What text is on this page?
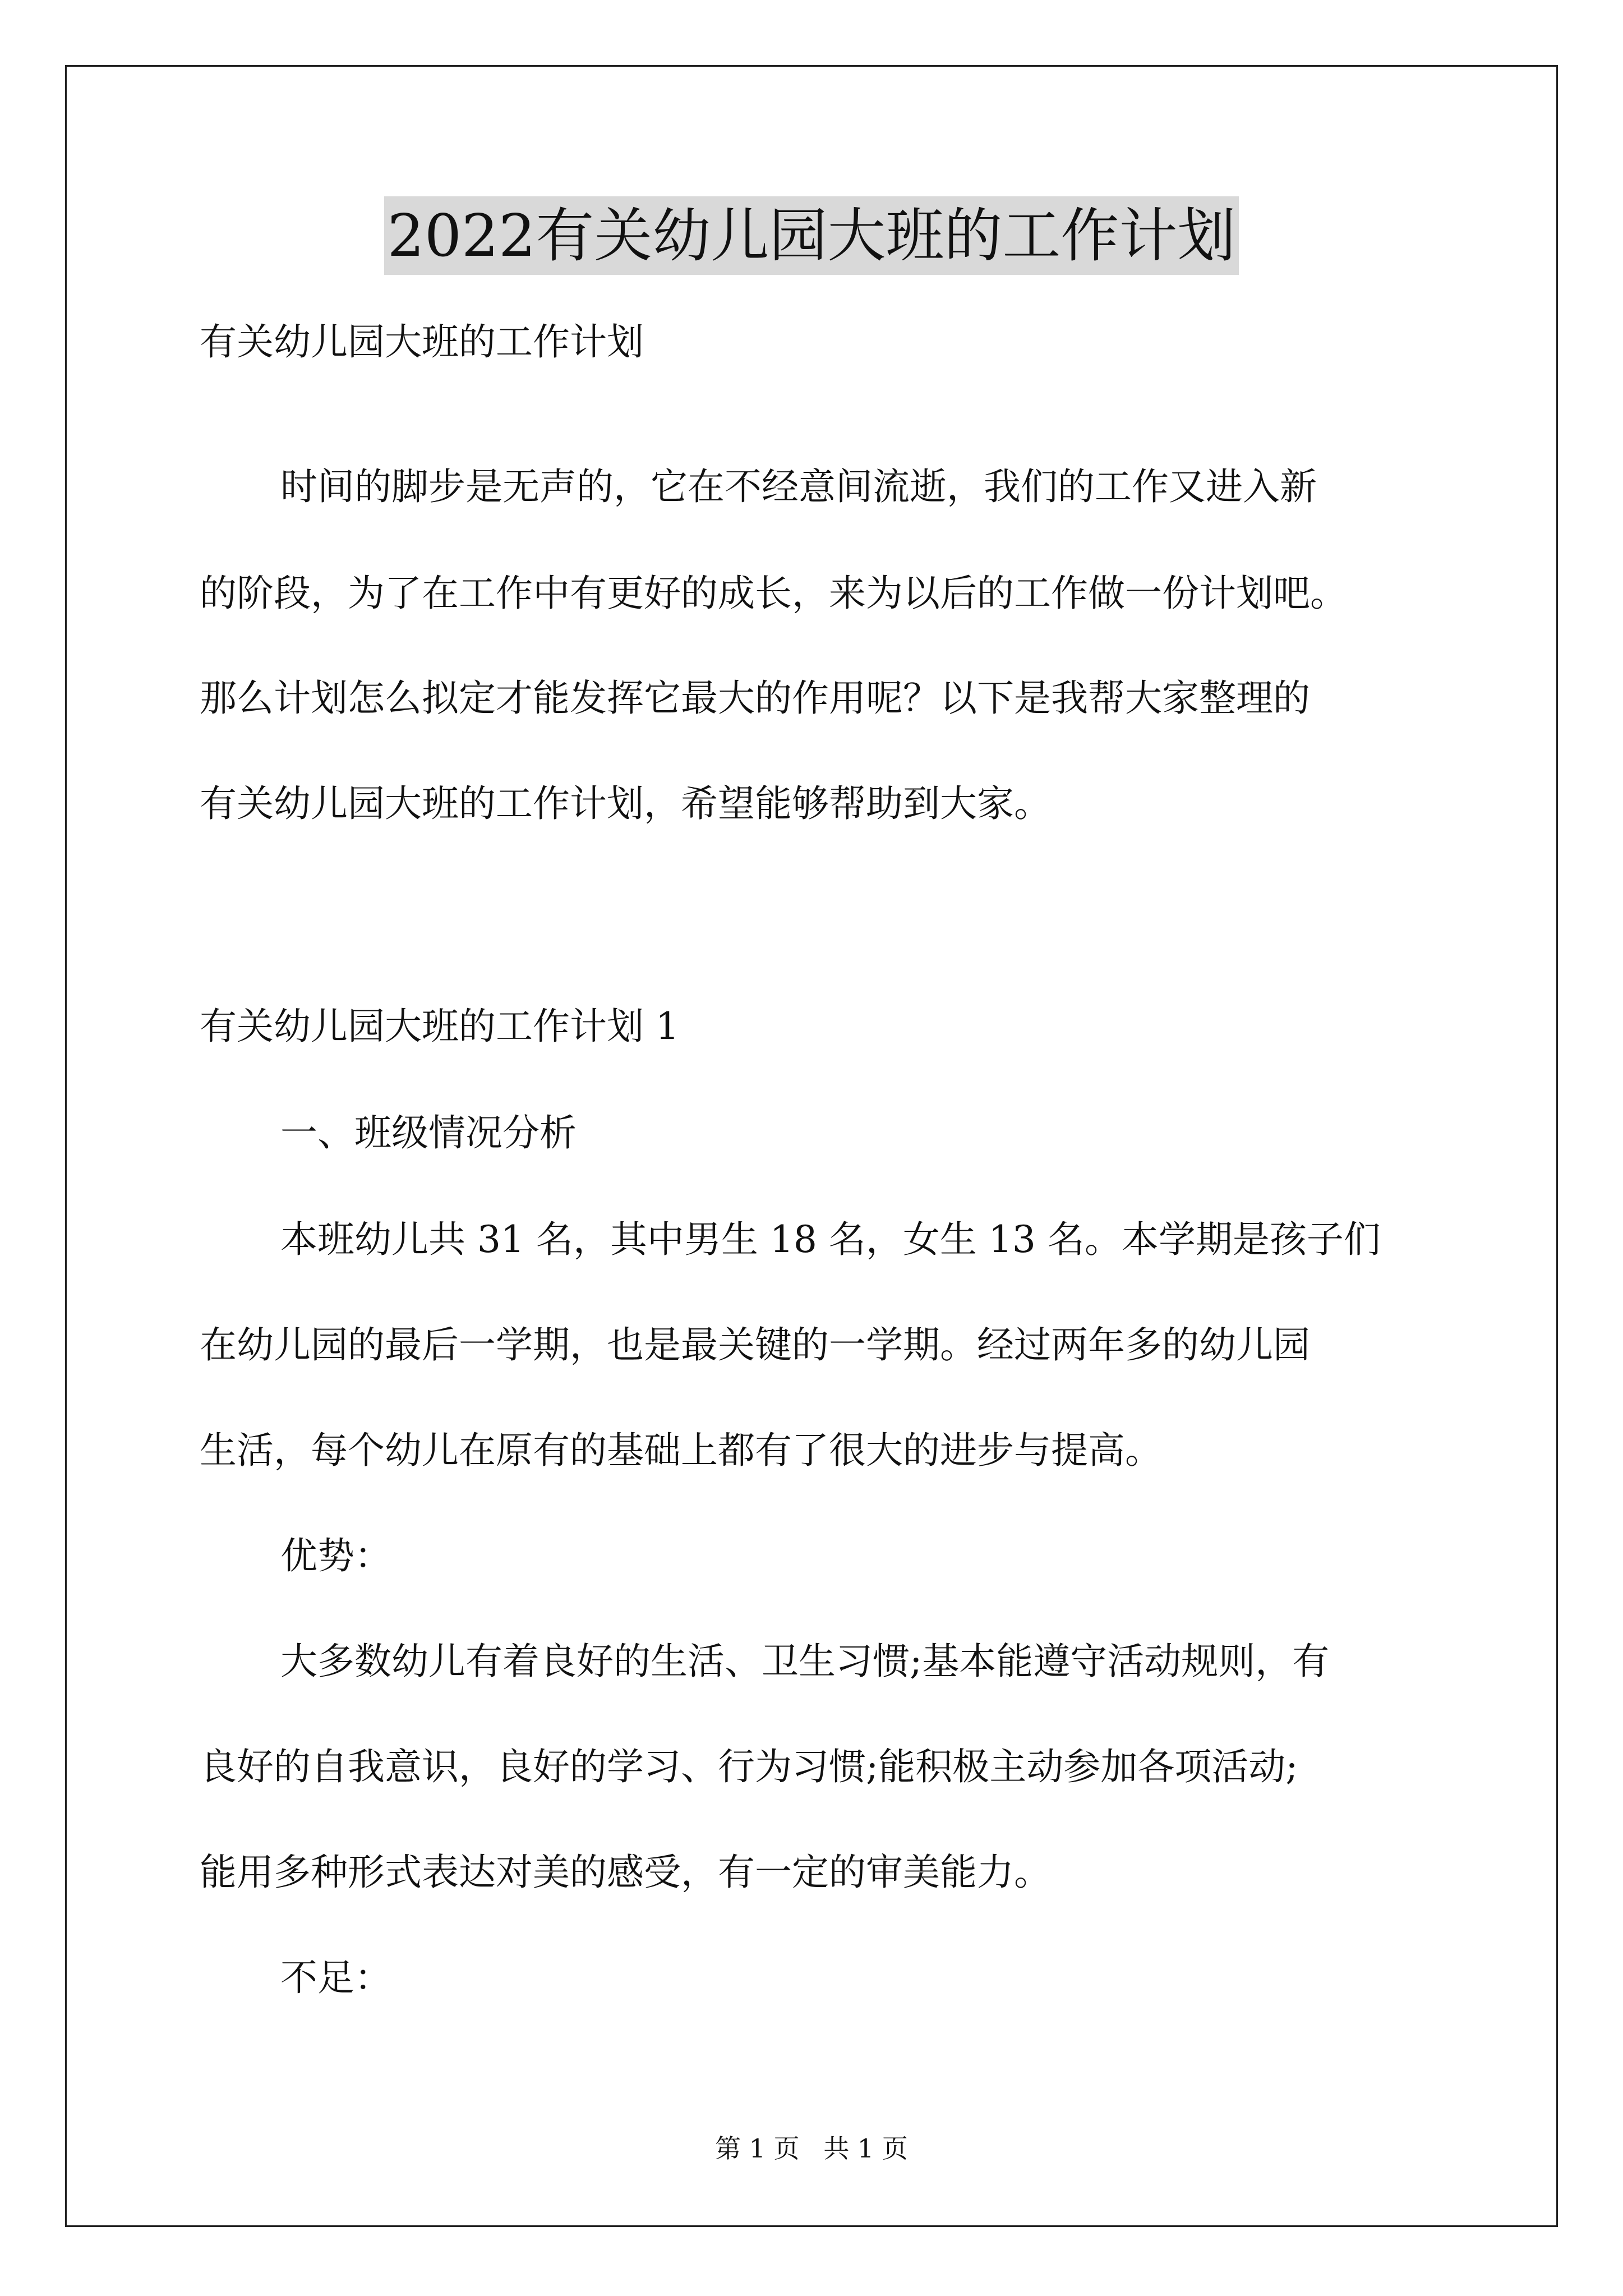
2022有关幼儿园大班的工作计划
有关幼儿园大班的工作计划
时间的脚步是无声的，它在不经意间流逝，我们的工作又进入新
的阶段，为了在工作中有更好的成长，来为以后的工作做一份计划吧。
那么计划怎么拟定才能发挥它最大的作用呢？以下是我帮大家整理的
有关幼儿园大班的工作计划，希望能够帮助到大家。
有关幼儿园大班的工作计划 1
一、班级情况分析
本班幼儿共 31 名，其中男生 18 名，女生 13 名。本学期是孩子们
在幼儿园的最后一学期，也是最关键的一学期。经过两年多的幼儿园
生活，每个幼儿在原有的基础上都有了很大的进步与提高。
优势：
大多数幼儿有着良好的生活、卫生习惯;基本能遵守活动规则，有
良好的自我意识，良好的学习、行为习惯;能积极主动参加各项活动;
能用多种形式表达对美的感受，有一定的审美能力。
不足：
第 1 页 共 1 页
